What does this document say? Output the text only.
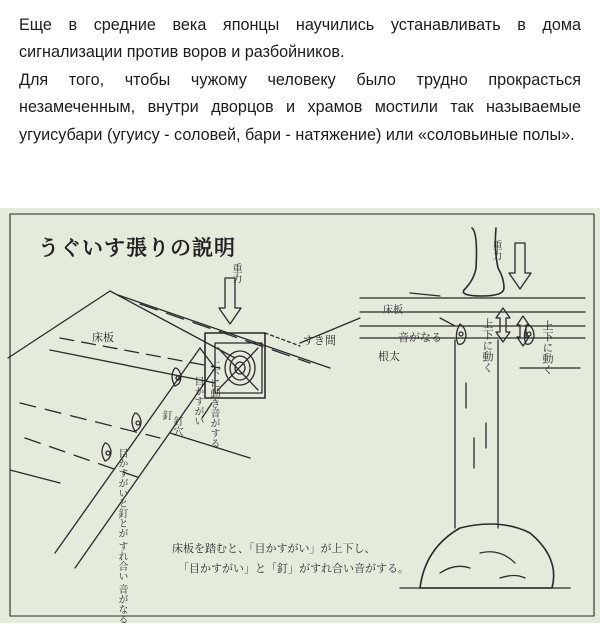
Еще в средние века японцы научились устанавливать в дома сигнализации против воров и разбойников.

Для того, чтобы чужому человеку было трудно прокрасться незамеченным, внутри дворцов и храмов мостили так называемые угуисубари (угуису - соловей, бари - натяжение) или «соловьиные полы».

うぐいす張りの説明
重力
重力
床板
床板
すき間	音がなる
根太
上下に動き音がする
目かすがい
釘
釘穴
目かすがいと釘とが すれ合い 音がなる
上下に動く	上下に動く
床板を踏むと、「目かすがい」が上下し、
「目かすがい」と「釘」がすれ合い音がする。
